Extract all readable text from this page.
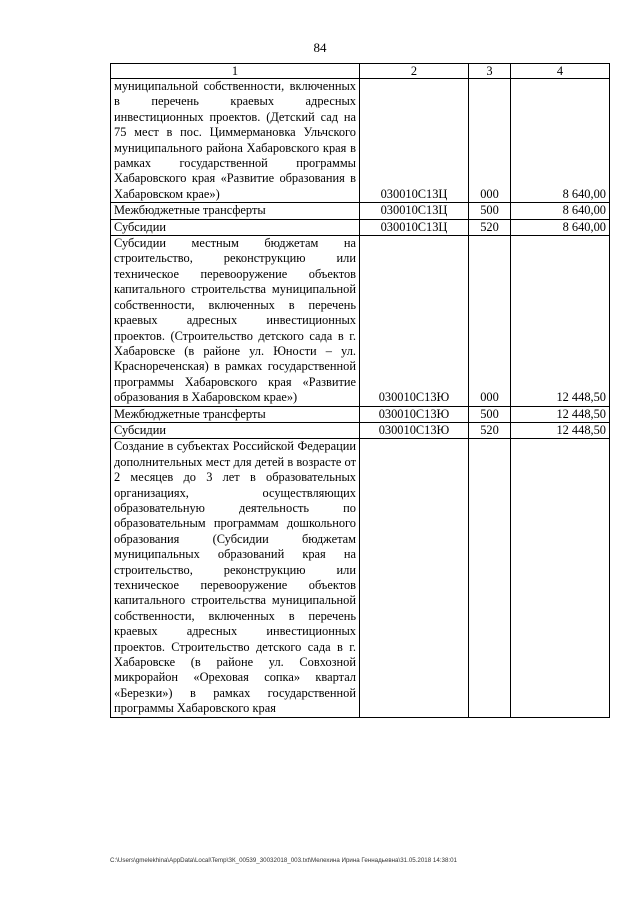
84
1	2	3	4
муниципальной собственности, включенных в перечень краевых адресных инвестиционных проектов. (Детский сад на 75 мест в пос. Циммермановка Ульчского муниципального района Хабаровского края в рамках государственной программы Хабаровского края «Развитие образования в Хабаровском крае»)	030010С13Ц	000	8 640,00
Межбюджетные трансферты	030010С13Ц	500	8 640,00
Субсидии	030010С13Ц	520	8 640,00
Субсидии местным бюджетам на строительство, реконструкцию или техническое перевооружение объектов капитального строительства муниципальной собственности, включенных в перечень краевых адресных инвестиционных проектов. (Строительство детского сада в г. Хабаровске (в районе ул. Юности – ул. Краснореченская) в рамках государственной программы Хабаровского края «Развитие образования в Хабаровском крае»)	030010С13Ю	000	12 448,50
Межбюджетные трансферты	030010С13Ю	500	12 448,50
Субсидии	030010С13Ю	520	12 448,50
Создание в субъектах Российской Федерации дополнительных мест для детей в возрасте от 2 месяцев до 3 лет в образовательных организациях, осуществляющих образовательную деятельность по образовательным программам дошкольного образования (Субсидии бюджетам муниципальных образований края на строительство, реконструкцию или техническое перевооружение объектов капитального строительства муниципальной собственности, включенных в перечень краевых адресных инвестиционных проектов. Строительство детского сада в г. Хабаровске (в районе ул. Совхозной микрорайон «Ореховая сопка» квартал «Березки») в рамках государственной программы Хабаровского края			
C:\Users\gmelekhina\AppData\Local\Temp\ЗК_00539_30032018_003.txt\Мелехина Ирина Геннадьевна\31.05.2018 14:38:01
